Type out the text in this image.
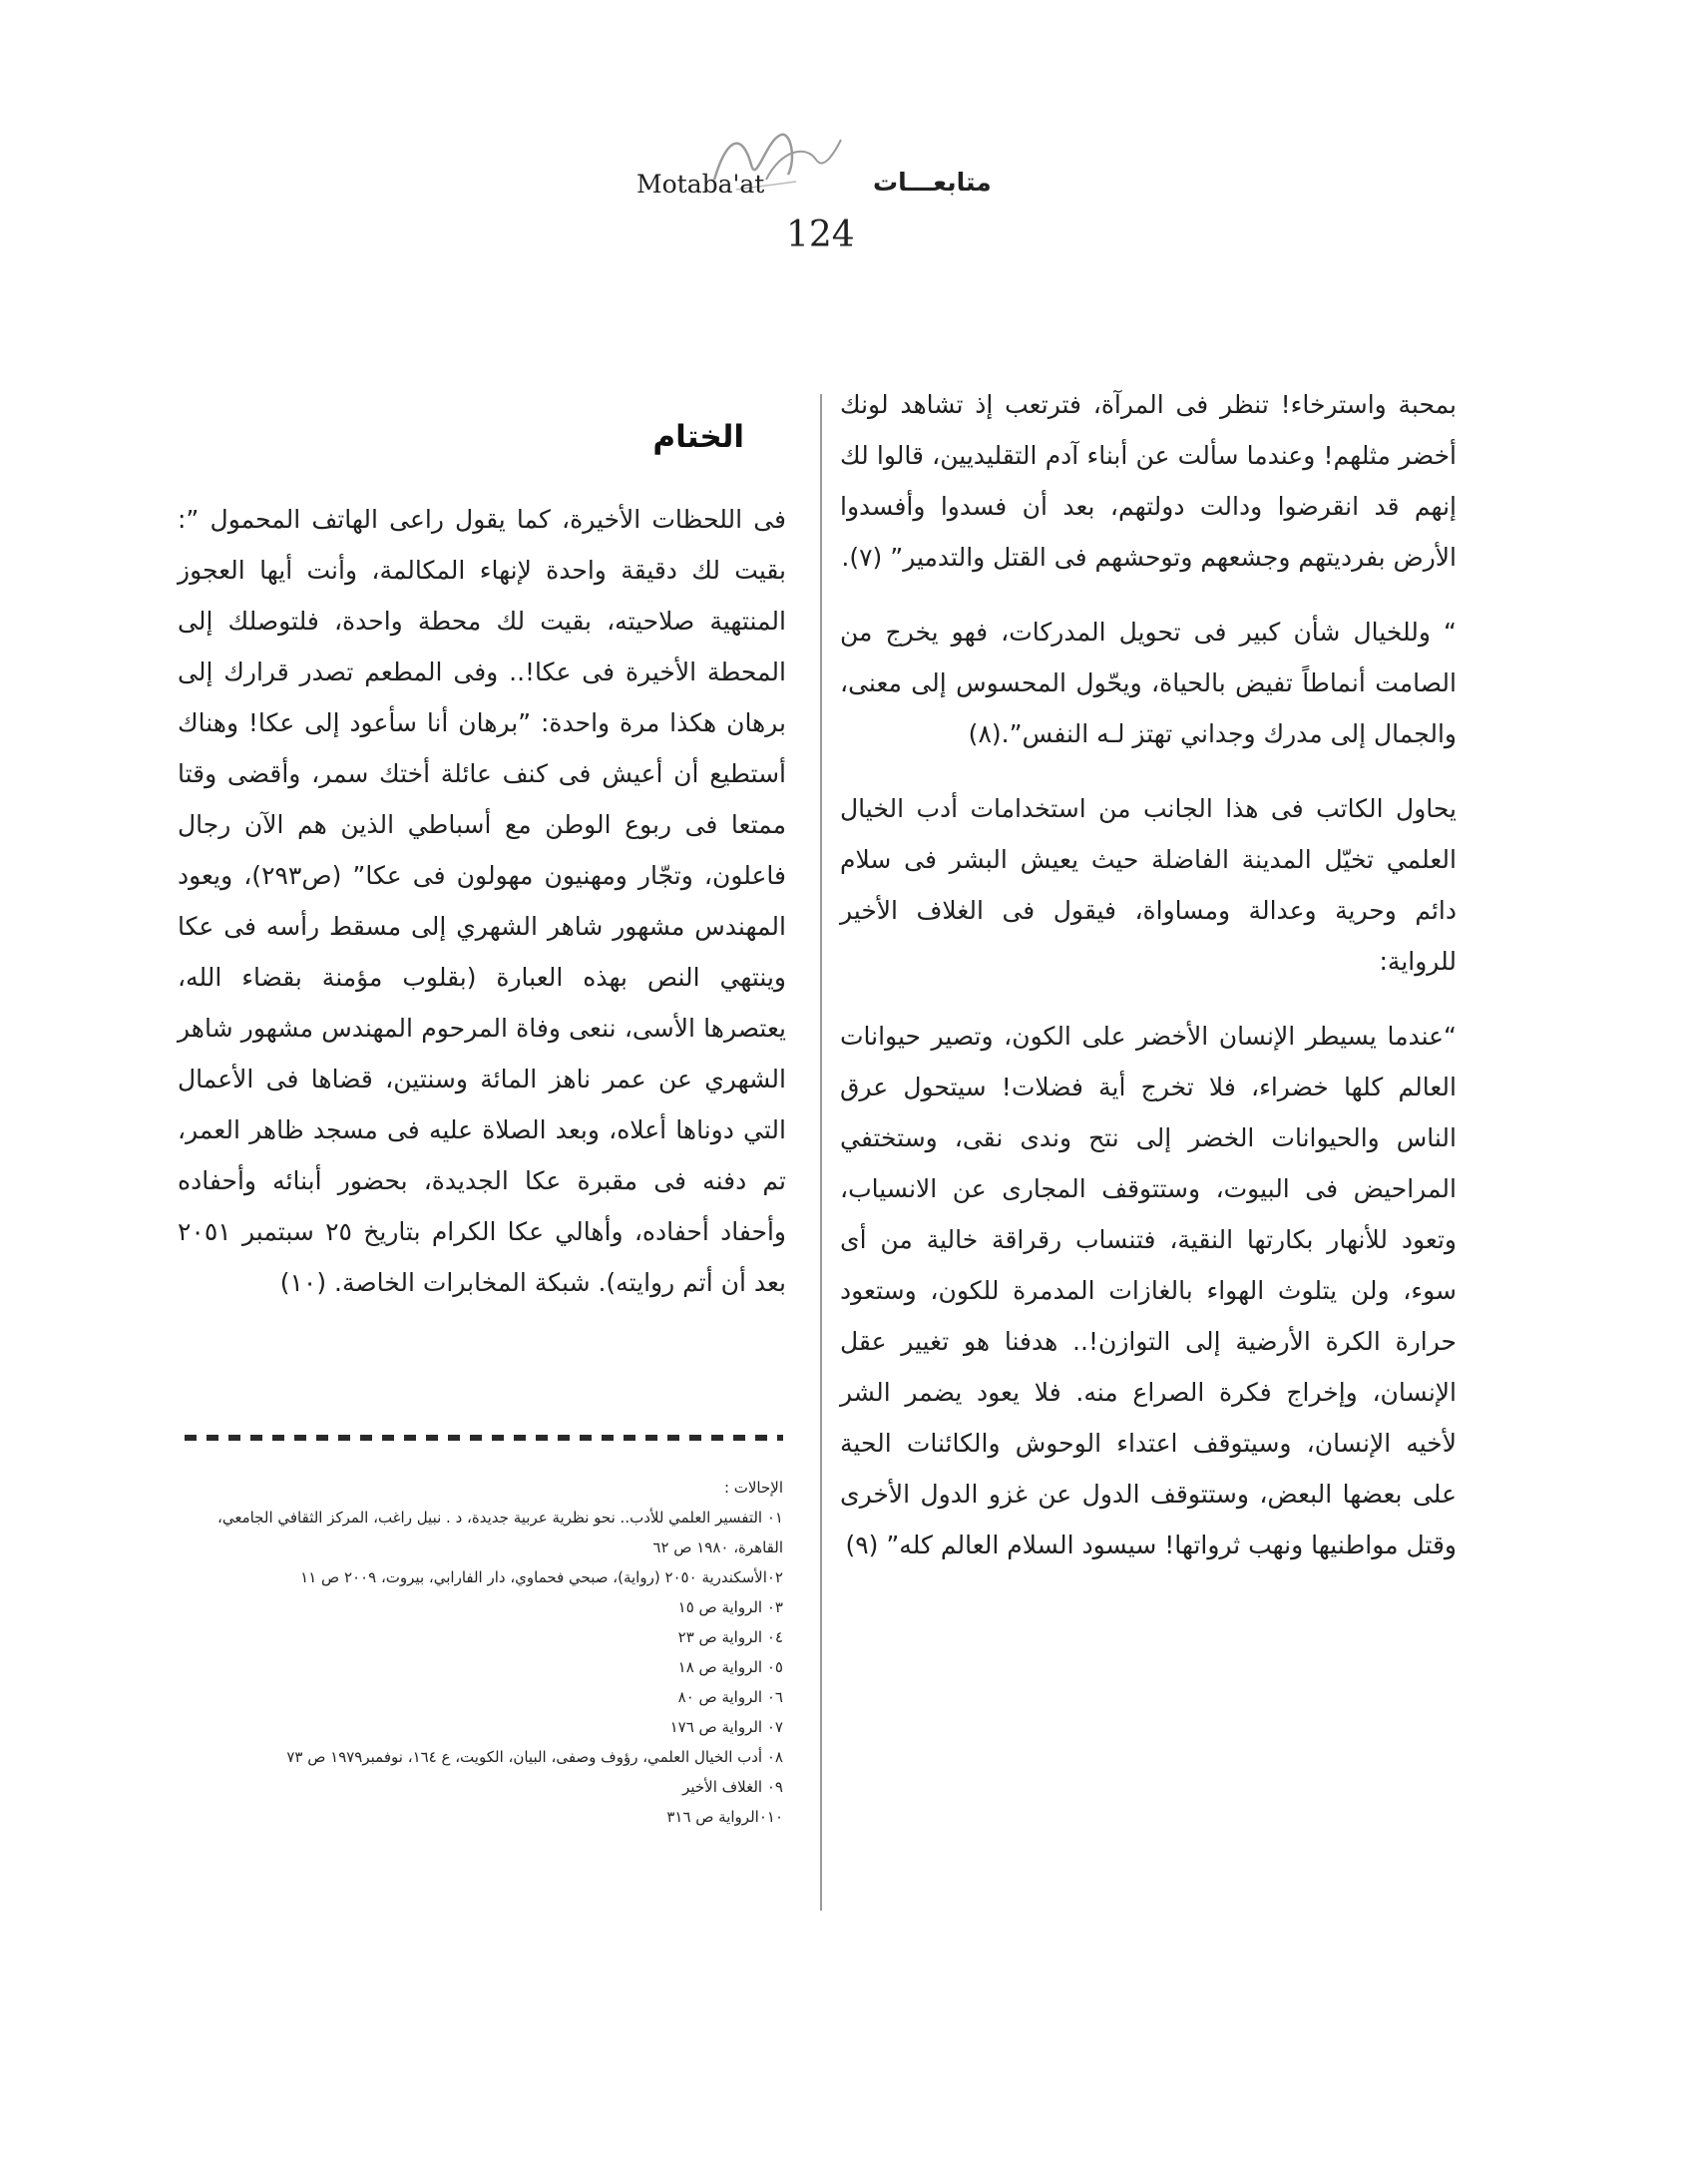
Motaba'at	متابعـــات
124

بمحبة واسترخاء! تنظر فى المرآة، فترتعب إذ تشاهد لونك أخضر مثلهم! وعندما سألت عن أبناء آدم التقليديين، قالوا لك إنهم قد انقرضوا ودالت دولتهم، بعد أن فسدوا وأفسدوا الأرض بفرديتهم وجشعهم وتوحشهم فى القتل والتدمير” (٧).

“ وللخيال شأن كبير فى تحويل المدركات، فهو يخرج من الصامت أنماطاً تفيض بالحياة، ويحّول المحسوس إلى معنى، والجمال إلى مدرك وجداني تهتز لـه النفس”.(٨)

يحاول الكاتب فى هذا الجانب من استخدامات أدب الخيال العلمي تخيّل المدينة الفاضلة حيث يعيش البشر فى سلام دائم وحرية وعدالة ومساواة، فيقول فى الغلاف الأخير للرواية:

“عندما يسيطر الإنسان الأخضر على الكون، وتصير حيوانات العالم كلها خضراء، فلا تخرج أية فضلات! سيتحول عرق الناس والحيوانات الخضر إلى نتح وندى نقى، وستختفي المراحيض فى البيوت، وستتوقف المجارى عن الانسياب، وتعود للأنهار بكارتها النقية، فتنساب رقراقة خالية من أى سوء، ولن يتلوث الهواء بالغازات المدمرة للكون، وستعود حرارة الكرة الأرضية إلى التوازن!.. هدفنا هو تغيير عقل الإنسان، وإخراج فكرة الصراع منه. فلا يعود يضمر الشر لأخيه الإنسان، وسيتوقف اعتداء الوحوش والكائنات الحية على بعضها البعض، وستتوقف الدول عن غزو الدول الأخرى وقتل مواطنيها ونهب ثرواتها! سيسود السلام العالم كله” (٩)

الختام

فى اللحظات الأخيرة، كما يقول راعى الهاتف المحمول ”: بقيت لك دقيقة واحدة لإنهاء المكالمة، وأنت أيها العجوز المنتهية صلاحيته، بقيت لك محطة واحدة، فلتوصلك إلى المحطة الأخيرة فى عكا!.. وفى المطعم تصدر قرارك إلى برهان هكذا مرة واحدة: ”برهان أنا سأعود إلى عكا! وهناك أستطيع أن أعيش فى كنف عائلة أختك سمر، وأقضى وقتا ممتعا فى ربوع الوطن مع أسباطي الذين هم الآن رجال فاعلون، وتجّار ومهنيون مهولون فى عكا” (ص٢٩٣)، ويعود المهندس مشهور شاهر الشهري إلى مسقط رأسه فى عكا وينتهي النص بهذه العبارة (بقلوب مؤمنة بقضاء الله، يعتصرها الأسى، ننعى وفاة المرحوم المهندس مشهور شاهر الشهري عن عمر ناهز المائة وسنتين، قضاها فى الأعمال التي دوناها أعلاه، وبعد الصلاة عليه فى مسجد ظاهر العمر، تم دفنه فى مقبرة عكا الجديدة، بحضور أبنائه وأحفاده وأحفاد أحفاده، وأهالي عكا الكرام بتاريخ ٢٥ سبتمبر ٢٠٥١ بعد أن أتم روايته). شبكة المخابرات الخاصة. (١٠)

الإحالات :

٠١ التفسير العلمي للأدب.. نحو نظرية عربية جديدة، د . نبيل راغب، المركز الثقافي الجامعي، القاهرة، ١٩٨٠ ص ٦٢
٠٢الأسكندرية ٢٠٥٠ (رواية)، صبحي فحماوي، دار الفارابي، بيروت، ٢٠٠٩ ص ١١
٠٣ الرواية ص ١٥
٠٤ الرواية ص ٢٣
٠٥ الرواية ص ١٨
٠٦ الرواية ص ٨٠
٠٧ الرواية ص ١٧٦
٠٨ أدب الخيال العلمي، رؤوف وصفى، البيان، الكويت، ع ١٦٤، نوفمبر١٩٧٩ ص ٧٣
٠٩ الغلاف الأخير
٠١٠الرواية ص ٣١٦
